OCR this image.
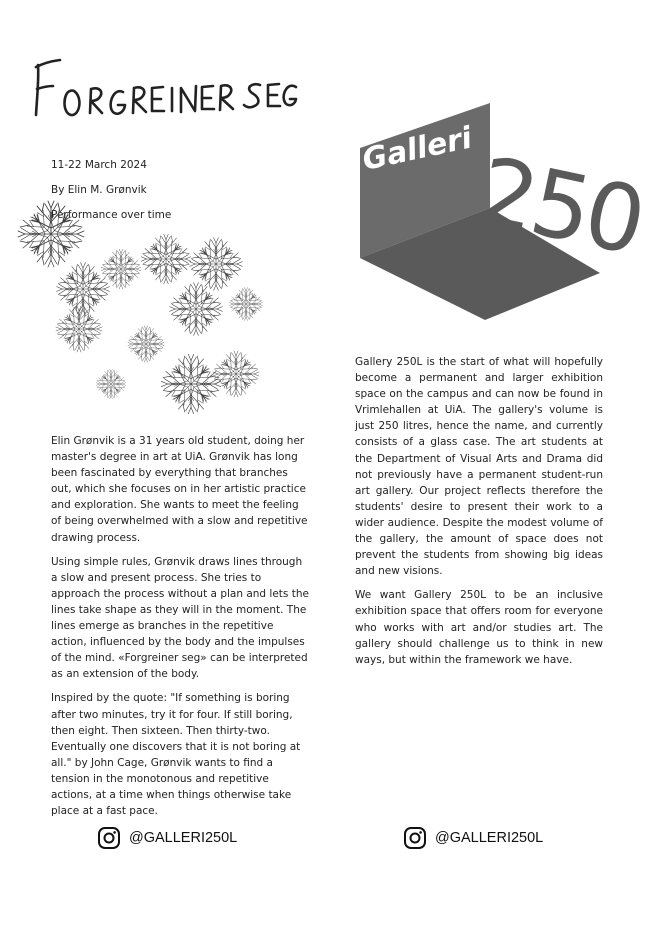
11-22 March 2024
By Elin M. Grønvik
Performance over time

Elin Grønvik is a 31 years old student, doing her master's degree in art at UiA. Grønvik has long been fascinated by everything that branches out, which she focuses on in her artistic practice and exploration. She wants to meet the feeling of being overwhelmed with a slow and repetitive drawing process.

Using simple rules, Grønvik draws lines through a slow and present process. She tries to approach the process without a plan and lets the lines take shape as they will in the moment. The lines emerge as branches in the repetitive action, influenced by the body and the impulses of the mind. «Forgreiner seg» can be interpreted as an extension of the body.

Inspired by the quote: "If something is boring after two minutes, try it for four. If still boring, then eight. Then sixteen. Then thirty-two. Eventually one discovers that it is not boring at all." by John Cage, Grønvik wants to find a tension in the monotonous and repetitive actions, at a time when things otherwise take place at a fast pace.

Galleri
250

Gallery 250L is the start of what will hopefully become a permanent and larger exhibition space on the campus and can now be found in Vrimlehallen at UiA. The gallery's volume is just 250 litres, hence the name, and currently consists of a glass case. The art students at the Department of Visual Arts and Drama did not previously have a permanent student-run art gallery. Our project reflects therefore the students' desire to present their work to a wider audience. Despite the modest volume of the gallery, the amount of space does not prevent the students from showing big ideas and new visions.

We want Gallery 250L to be an inclusive exhibition space that offers room for everyone who works with art and/or studies art. The gallery should challenge us to think in new ways, but within the framework we have.

@GALLERI250L	@GALLERI250L
